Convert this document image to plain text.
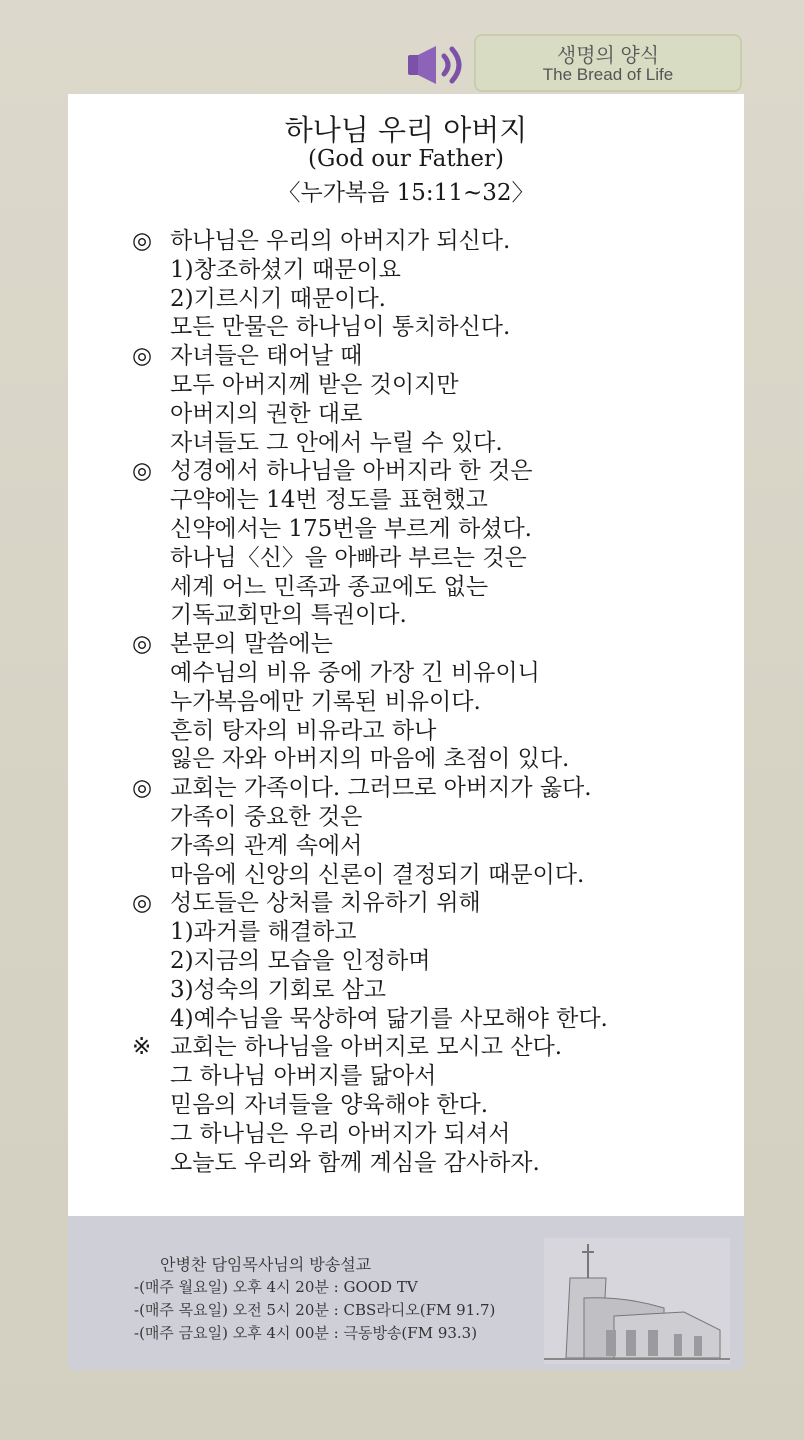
생명의 양식
The Bread of Life
하나님 우리 아버지
(God our Father)
〈누가복음 15:11~32〉
◎ 하나님은 우리의 아버지가 되신다.
1)창조하셨기 때문이요
2)기르시기 때문이다.
모든 만물은 하나님이 통치하신다.
◎ 자녀들은 태어날 때
모두 아버지께 받은 것이지만
아버지의 권한 대로
자녀들도 그 안에서 누릴 수 있다.
◎ 성경에서 하나님을 아버지라 한 것은
구약에는 14번 정도를 표현했고
신약에서는 175번을 부르게 하셨다.
하나님〈신〉을 아빠라 부르는 것은
세계 어느 민족과 종교에도 없는
기독교회만의 특권이다.
◎ 본문의 말씀에는
예수님의 비유 중에 가장 긴 비유이니
누가복음에만 기록된 비유이다.
흔히 탕자의 비유라고 하나
잃은 자와 아버지의 마음에 초점이 있다.
◎ 교회는 가족이다. 그러므로 아버지가 옳다.
가족이 중요한 것은
가족의 관계 속에서
마음에 신앙의 신론이 결정되기 때문이다.
◎ 성도들은 상처를 치유하기 위해
1)과거를 해결하고
2)지금의 모습을 인정하며
3)성숙의 기회로 삼고
4)예수님을 묵상하여 닮기를 사모해야 한다.
※ 교회는 하나님을 아버지로 모시고 산다.
그 하나님 아버지를 닮아서
믿음의 자녀들을 양육해야 한다.
그 하나님은 우리 아버지가 되셔서
오늘도 우리와 함께 계심을 감사하자.
안병찬 담임목사님의 방송설교
-(매주 월요일) 오후 4시 20분 : GOOD TV
-(매주 목요일) 오전 5시 20분 : CBS라디오(FM 91.7)
-(매주 금요일) 오후 4시 00분 : 극동방송(FM 93.3)
